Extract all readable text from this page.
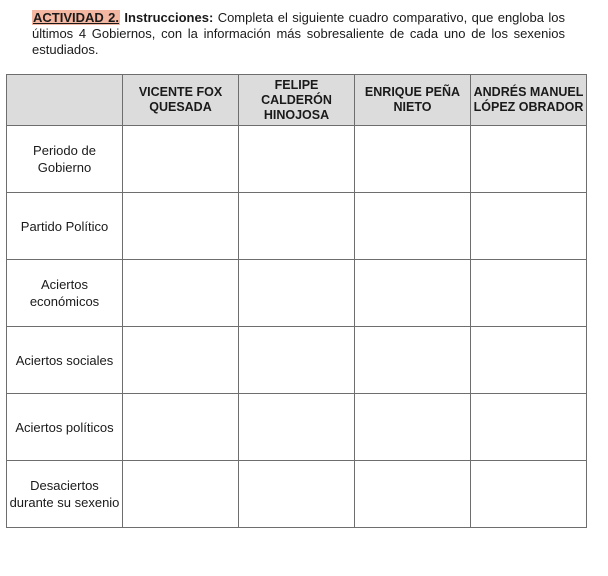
ACTIVIDAD 2. Instrucciones: Completa el siguiente cuadro comparativo, que engloba los últimos 4 Gobiernos, con la información más sobresaliente de cada uno de los sexenios estudiados.
	VICENTE FOX QUESADA	FELIPE CALDERÓN HINOJOSA	ENRIQUE PEÑA NIETO	ANDRÉS MANUEL LÓPEZ OBRADOR
Periodo de Gobierno				
Partido Político				
Aciertos económicos				
Aciertos sociales				
Aciertos políticos				
Desaciertos durante su sexenio				
